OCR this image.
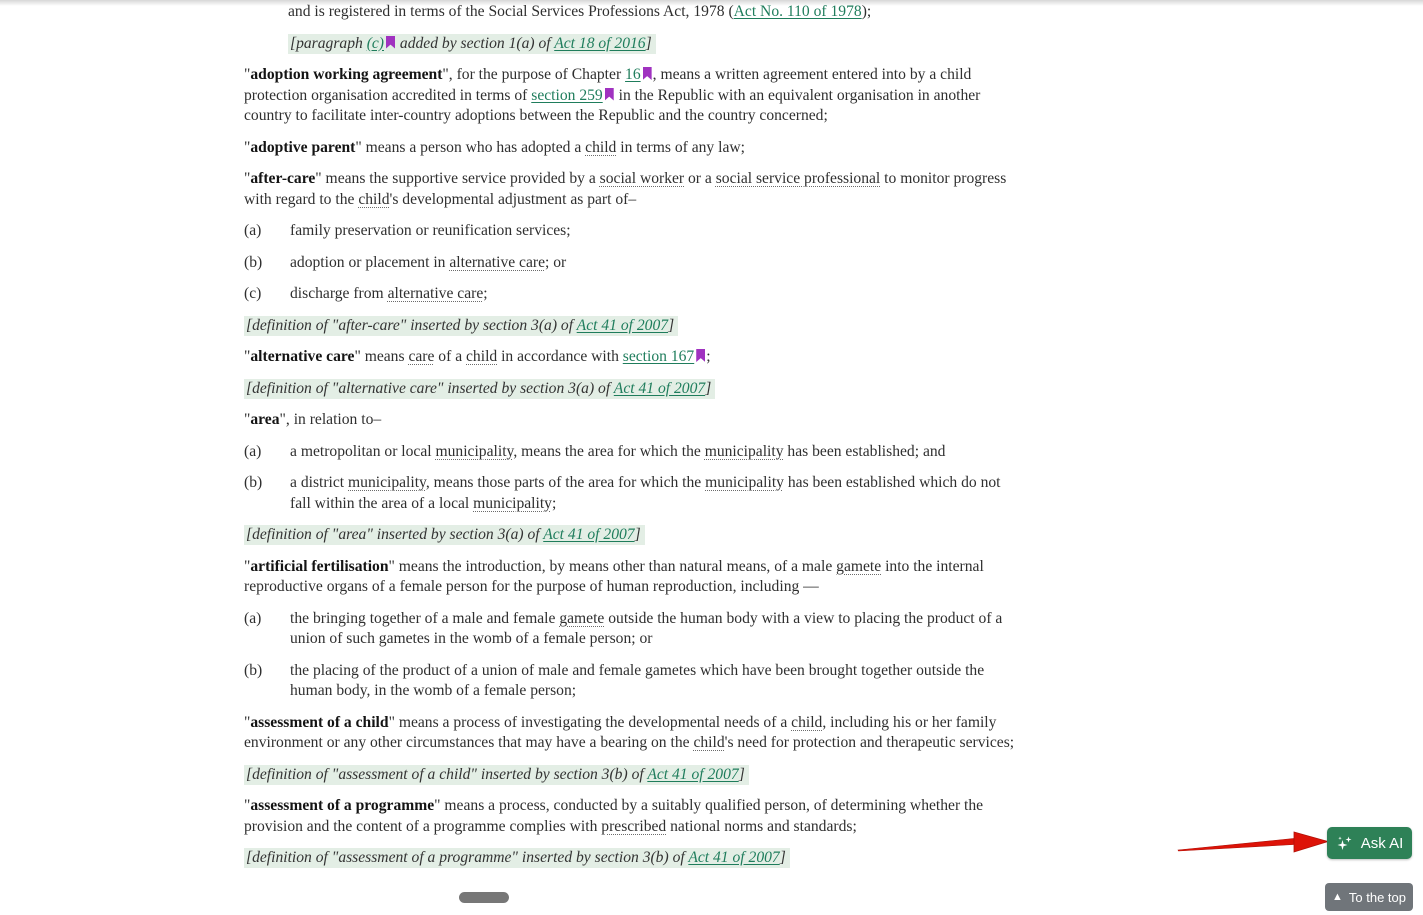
and is registered in terms of the Social Services Professions Act, 1978 (Act No. 110 of 1978);
[paragraph (c) added by section 1(a) of Act 18 of 2016]
"adoption working agreement", for the purpose of Chapter 16 , means a written agreement entered into by a child protection organisation accredited in terms of section 259 in the Republic with an equivalent organisation in another country to facilitate inter-country adoptions between the Republic and the country concerned;
"adoptive parent" means a person who has adopted a child in terms of any law;
"after-care" means the supportive service provided by a social worker or a social service professional to monitor progress with regard to the child's developmental adjustment as part of–
(a) family preservation or reunification services;
(b) adoption or placement in alternative care; or
(c) discharge from alternative care;
[definition of "after-care" inserted by section 3(a) of Act 41 of 2007]
"alternative care" means care of a child in accordance with section 167 ;
[definition of "alternative care" inserted by section 3(a) of Act 41 of 2007]
"area", in relation to–
(a) a metropolitan or local municipality, means the area for which the municipality has been established; and
(b) a district municipality, means those parts of the area for which the municipality has been established which do not fall within the area of a local municipality;
[definition of "area" inserted by section 3(a) of Act 41 of 2007]
"artificial fertilisation" means the introduction, by means other than natural means, of a male gamete into the internal reproductive organs of a female person for the purpose of human reproduction, including —
(a) the bringing together of a male and female gamete outside the human body with a view to placing the product of a union of such gametes in the womb of a female person; or
(b) the placing of the product of a union of male and female gametes which have been brought together outside the human body, in the womb of a female person;
"assessment of a child" means a process of investigating the developmental needs of a child, including his or her family environment or any other circumstances that may have a bearing on the child's need for protection and therapeutic services;
[definition of "assessment of a child" inserted by section 3(b) of Act 41 of 2007]
"assessment of a programme" means a process, conducted by a suitably qualified person, of determining whether the provision and the content of a programme complies with prescribed national norms and standards;
[definition of "assessment of a programme" inserted by section 3(b) of Act 41 of 2007]
Ask AI
▲ To the top
